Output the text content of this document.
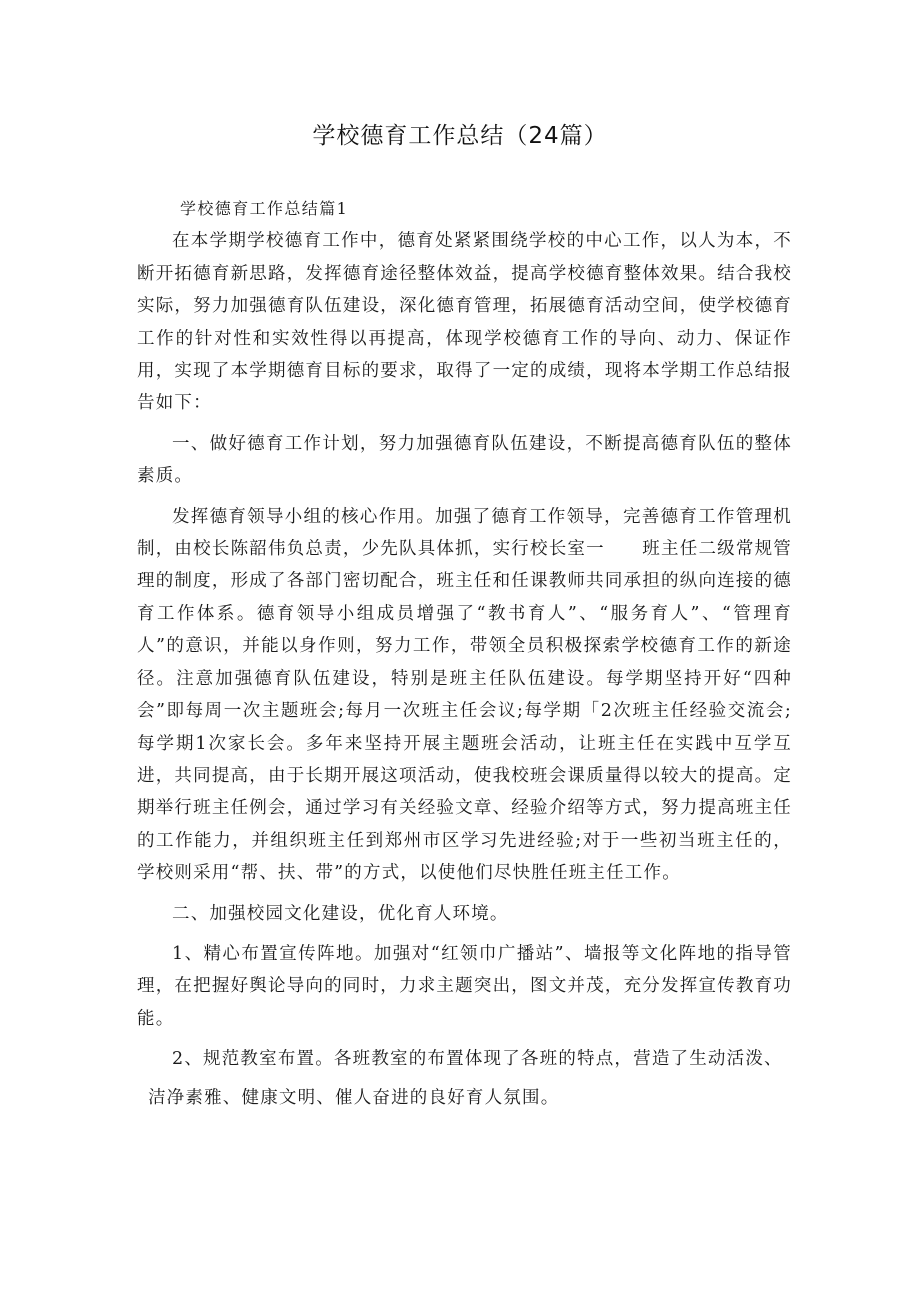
学校德育工作总结（24篇）

学校德育工作总结篇1

在本学期学校德育工作中，德育处紧紧围绕学校的中心工作，以人为本，不断开拓德育新思路，发挥德育途径整体效益，提高学校德育整体效果。结合我校实际，努力加强德育队伍建设，深化德育管理，拓展德育活动空间，使学校德育工作的针对性和实效性得以再提高，体现学校德育工作的导向、动力、保证作用，实现了本学期德育目标的要求，取得了一定的成绩，现将本学期工作总结报告如下：

一、做好德育工作计划，努力加强德育队伍建设，不断提高德育队伍的整体素质。

发挥德育领导小组的核心作用。加强了德育工作领导，完善德育工作管理机制，由校长陈韶伟负总责，少先队具体抓，实行校长室一　　班主任二级常规管理的制度，形成了各部门密切配合，班主任和任课教师共同承担的纵向连接的德育工作体系。德育领导小组成员增强了“教书育人”、“服务育人”、“管理育人”的意识，并能以身作则，努力工作，带领全员积极探索学校德育工作的新途径。注意加强德育队伍建设，特别是班主任队伍建设。每学期坚持开好“四种会”即每周一次主题班会;每月一次班主任会议;每学期「2次班主任经验交流会;每学期1次家长会。多年来坚持开展主题班会活动，让班主任在实践中互学互进，共同提高，由于长期开展这项活动，使我校班会课质量得以较大的提高。定期举行班主任例会，通过学习有关经验文章、经验介绍等方式，努力提高班主任的工作能力，并组织班主任到郑州市区学习先进经验;对于一些初当班主任的，学校则采用“帮、扶、带”的方式，以使他们尽快胜任班主任工作。

二、加强校园文化建设，优化育人环境。

1、精心布置宣传阵地。加强对“红领巾广播站”、墙报等文化阵地的指导管理，在把握好舆论导向的同时，力求主题突出，图文并茂，充分发挥宣传教育功能。

2、规范教室布置。各班教室的布置体现了各班的特点，营造了生动活泼、

洁净素雅、健康文明、催人奋进的良好育人氛围。
